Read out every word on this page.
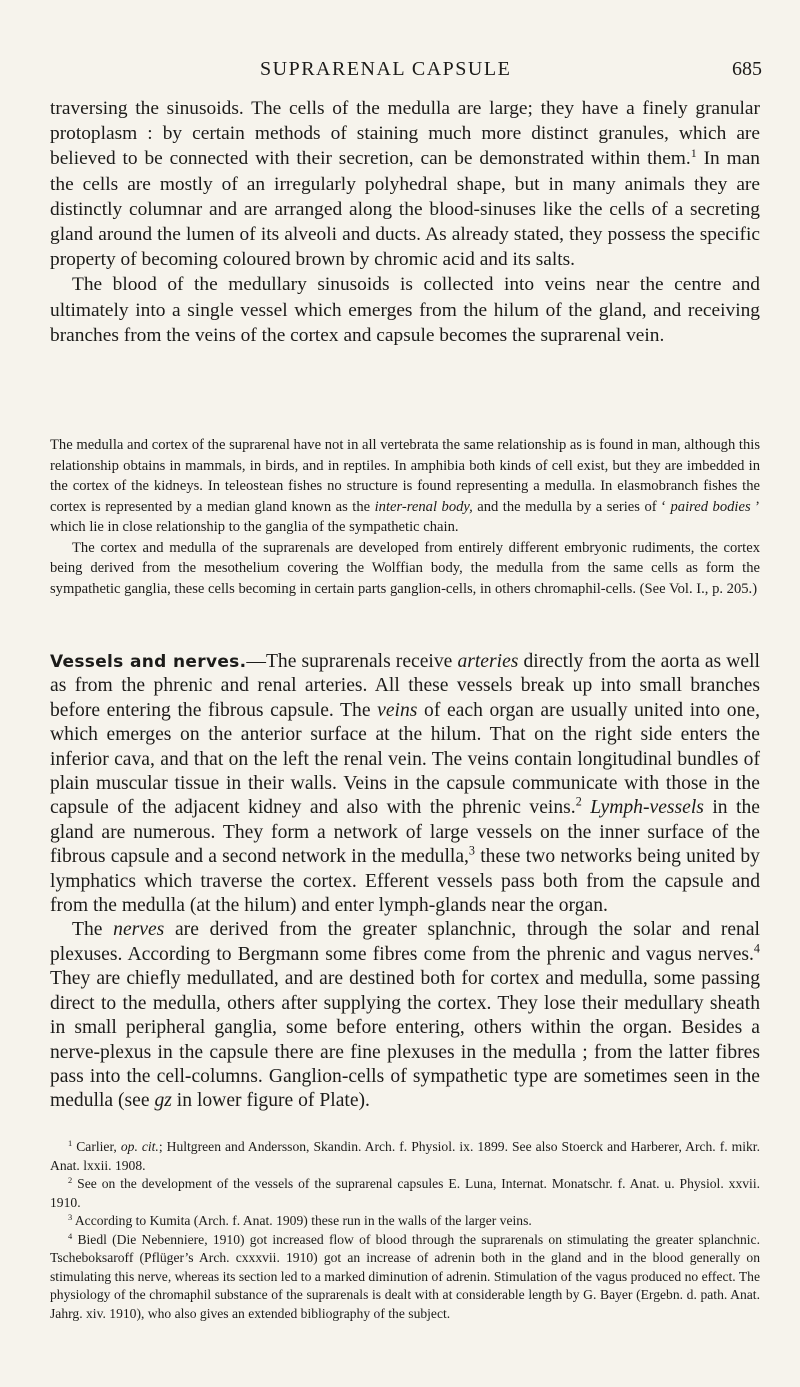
SUPRARENAL CAPSULE	685

traversing the sinusoids. The cells of the medulla are large; they have a finely granular protoplasm : by certain methods of staining much more distinct granules, which are believed to be connected with their secretion, can be demonstrated within them.$^1$ In man the cells are mostly of an irregularly polyhedral shape, but in many animals they are distinctly columnar and are arranged along the blood-sinuses like the cells of a secreting gland around the lumen of its alveoli and ducts. As already stated, they possess the specific property of becoming coloured brown by chromic acid and its salts.

The blood of the medullary sinusoids is collected into veins near the centre and ultimately into a single vessel which emerges from the hilum of the gland, and receiving branches from the veins of the cortex and capsule becomes the suprarenal vein.

The medulla and cortex of the suprarenal have not in all vertebrata the same relationship as is found in man, although this relationship obtains in mammals, in birds, and in reptiles. In amphibia both kinds of cell exist, but they are imbedded in the cortex of the kidneys. In teleostean fishes no structure is found representing a medulla. In elasmobranch fishes the cortex is represented by a median gland known as the inter-renal body, and the medulla by a series of ‘ paired bodies ’ which lie in close relationship to the ganglia of the sympathetic chain.

The cortex and medulla of the suprarenals are developed from entirely different embryonic rudiments, the cortex being derived from the mesothelium covering the Wolffian body, the medulla from the same cells as form the sympathetic ganglia, these cells becoming in certain parts ganglion-cells, in others chromaphil-cells. (See Vol. I., p. 205.)

Vessels and nerves.—The suprarenals receive arteries directly from the aorta as well as from the phrenic and renal arteries. All these vessels break up into small branches before entering the fibrous capsule. The veins of each organ are usually united into one, which emerges on the anterior surface at the hilum. That on the right side enters the inferior cava, and that on the left the renal vein. The veins contain longitudinal bundles of plain muscular tissue in their walls. Veins in the capsule communicate with those in the capsule of the adjacent kidney and also with the phrenic veins.$^2$ Lymph-vessels in the gland are numerous. They form a network of large vessels on the inner surface of the fibrous capsule and a second network in the medulla,$^3$ these two networks being united by lymphatics which traverse the cortex. Efferent vessels pass both from the capsule and from the medulla (at the hilum) and enter lymph-glands near the organ.

The nerves are derived from the greater splanchnic, through the solar and renal plexuses. According to Bergmann some fibres come from the phrenic and vagus nerves.$^4$ They are chiefly medullated, and are destined both for cortex and medulla, some passing direct to the medulla, others after supplying the cortex. They lose their medullary sheath in small peripheral ganglia, some before entering, others within the organ. Besides a nerve-plexus in the capsule there are fine plexuses in the medulla ; from the latter fibres pass into the cell-columns. Ganglion-cells of sympathetic type are sometimes seen in the medulla (see gz in lower figure of Plate).

$^1$ Carlier, op. cit.; Hultgreen and Andersson, Skandin. Arch. f. Physiol. ix. 1899. See also Stoerck and Harberer, Arch. f. mikr. Anat. lxxii. 1908.

$^2$ See on the development of the vessels of the suprarenal capsules E. Luna, Internat. Monatschr. f. Anat. u. Physiol. xxvii. 1910.

$^3$ According to Kumita (Arch. f. Anat. 1909) these run in the walls of the larger veins.

$^4$ Biedl (Die Nebenniere, 1910) got increased flow of blood through the suprarenals on stimulating the greater splanchnic. Tscheboksaroff (Pflüger’s Arch. cxxxvii. 1910) got an increase of adrenin both in the gland and in the blood generally on stimulating this nerve, whereas its section led to a marked diminution of adrenin. Stimulation of the vagus produced no effect. The physiology of the chromaphil substance of the suprarenals is dealt with at considerable length by G. Bayer (Ergebn. d. path. Anat. Jahrg. xiv. 1910), who also gives an extended bibliography of the subject.
